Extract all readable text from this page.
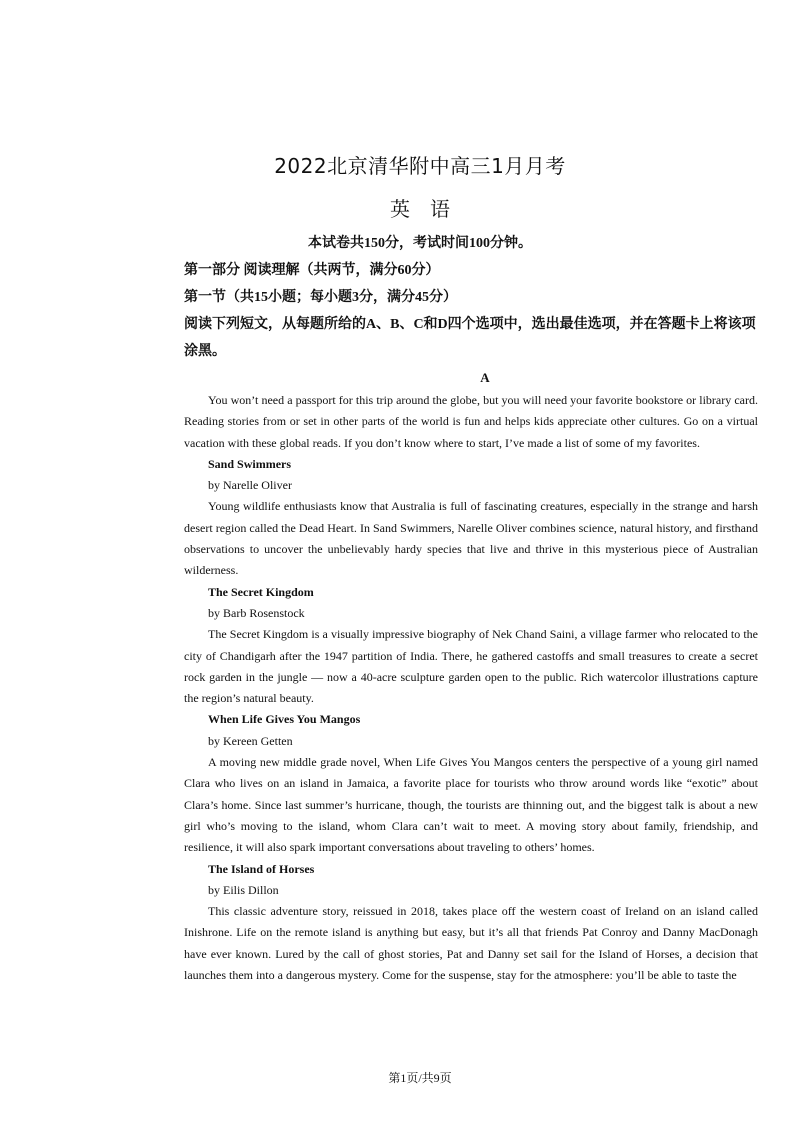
2022北京清华附中高三1月月考
英　语
本试卷共150分，考试时间100分钟。
第一部分 阅读理解（共两节，满分60分）
第一节（共15小题；每小题3分，满分45分）
阅读下列短文，从每题所给的A、B、C和D四个选项中，选出最佳选项，并在答题卡上将该项涂黑。
A

You won’t need a passport for this trip around the globe, but you will need your favorite bookstore or library card. Reading stories from or set in other parts of the world is fun and helps kids appreciate other cultures. Go on a virtual vacation with these global reads. If you don’t know where to start, I’ve made a list of some of my favorites.

Sand Swimmers

by Narelle Oliver

Young wildlife enthusiasts know that Australia is full of fascinating creatures, especially in the strange and harsh desert region called the Dead Heart. In Sand Swimmers, Narelle Oliver combines science, natural history, and firsthand observations to uncover the unbelievably hardy species that live and thrive in this mysterious piece of Australian wilderness.

The Secret Kingdom

by Barb Rosenstock

The Secret Kingdom is a visually impressive biography of Nek Chand Saini, a village farmer who relocated to the city of Chandigarh after the 1947 partition of India. There, he gathered castoffs and small treasures to create a secret rock garden in the jungle — now a 40-acre sculpture garden open to the public. Rich watercolor illustrations capture the region’s natural beauty.

When Life Gives You Mangos

by Kereen Getten

A moving new middle grade novel, When Life Gives You Mangos centers the perspective of a young girl named Clara who lives on an island in Jamaica, a favorite place for tourists who throw around words like “exotic” about Clara’s home. Since last summer’s hurricane, though, the tourists are thinning out, and the biggest talk is about a new girl who’s moving to the island, whom Clara can’t wait to meet. A moving story about family, friendship, and resilience, it will also spark important conversations about traveling to others’ homes.

The Island of Horses

by Eilis Dillon

This classic adventure story, reissued in 2018, takes place off the western coast of Ireland on an island called Inishrone. Life on the remote island is anything but easy, but it’s all that friends Pat Conroy and Danny MacDonagh have ever known. Lured by the call of ghost stories, Pat and Danny set sail for the Island of Horses, a decision that launches them into a dangerous mystery. Come for the suspense, stay for the atmosphere: you’ll be able to taste the

第1页/共9页
